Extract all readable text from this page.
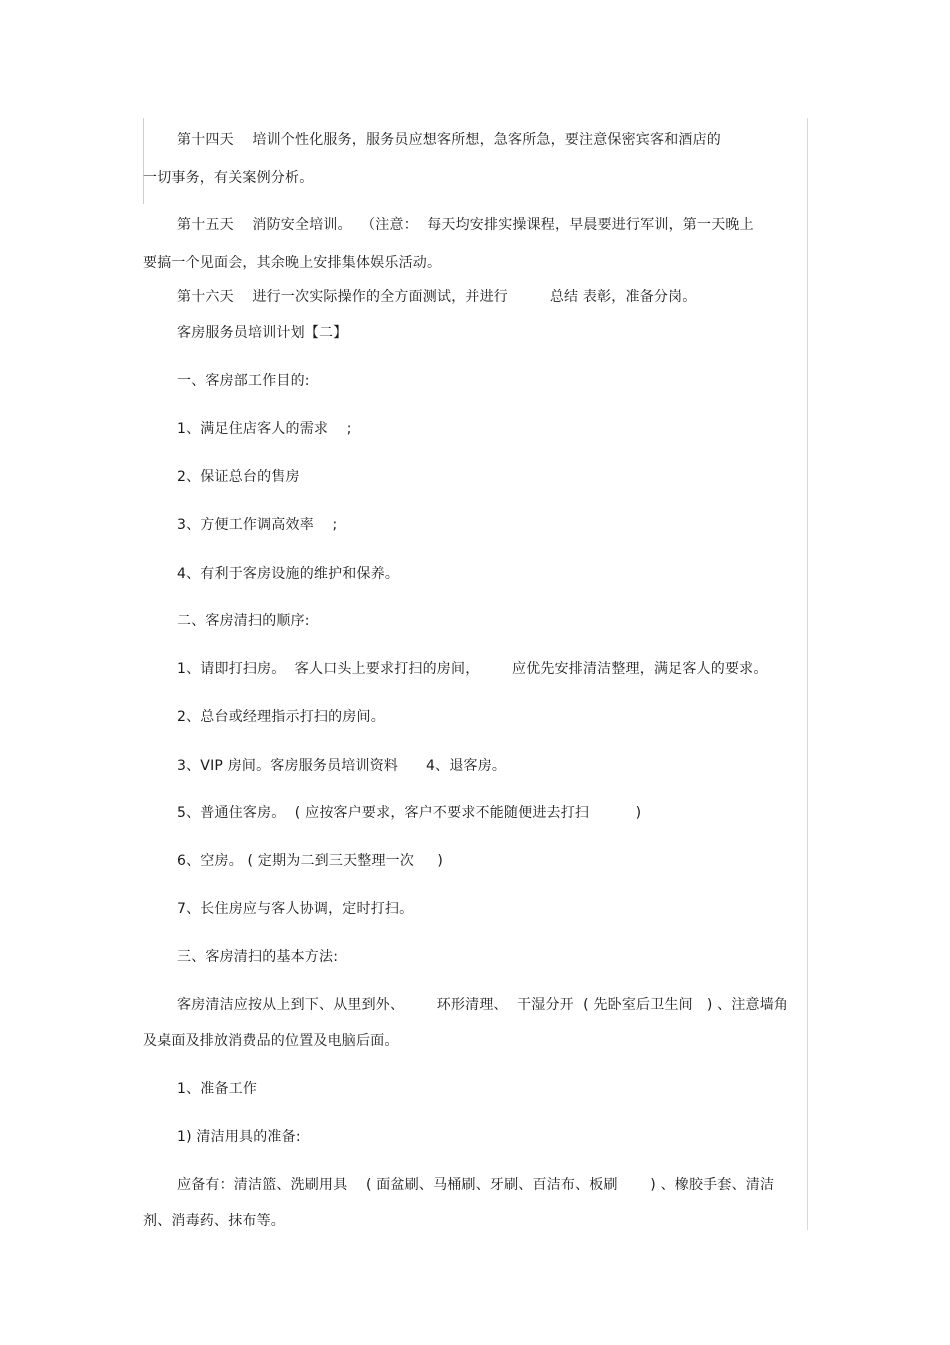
第十四天    培训个性化服务，服务员应想客所想，急客所急，要注意保密宾客和酒店的
一切事务，有关案例分析。
第十五天    消防安全培训。  （注意：  每天均安排实操课程，早晨要进行军训，第一天晚上
要搞一个见面会，其余晚上安排集体娱乐活动。
第十六天    进行一次实际操作的全方面测试，并进行         总结 表彰，准备分岗。
客房服务员培训计划【二】
一、客房部工作目的:
1、满足住店客人的需求    ;
2、保证总台的售房
3、方便工作调高效率    ;
4、有利于客房设施的维护和保养。
二、客房清扫的顺序:
1、请即打扫房。  客人口头上要求打扫的房间，       应优先安排清洁整理，满足客人的要求。
2、总台或经理指示打扫的房间。
3、VIP 房间。客房服务员培训资料      4、退客房。
5、普通住客房。  ( 应按客户要求，客户不要求不能随便进去打扫          )
6、空房。 ( 定期为二到三天整理一次     )
7、长住房应与客人协调，定时打扫。
三、客房清扫的基本方法:
客房清洁应按从上到下、从里到外、       环形清理、  干湿分开  ( 先卧室后卫生间   ) 、注意墙角
及桌面及排放消费品的位置及电脑后面。
1、准备工作
1) 清洁用具的准备:
应备有：清洁篮、洗刷用具    ( 面盆刷、马桶刷、牙刷、百洁布、板刷       ) 、橡胶手套、清洁
剂、消毒药、抹布等。
